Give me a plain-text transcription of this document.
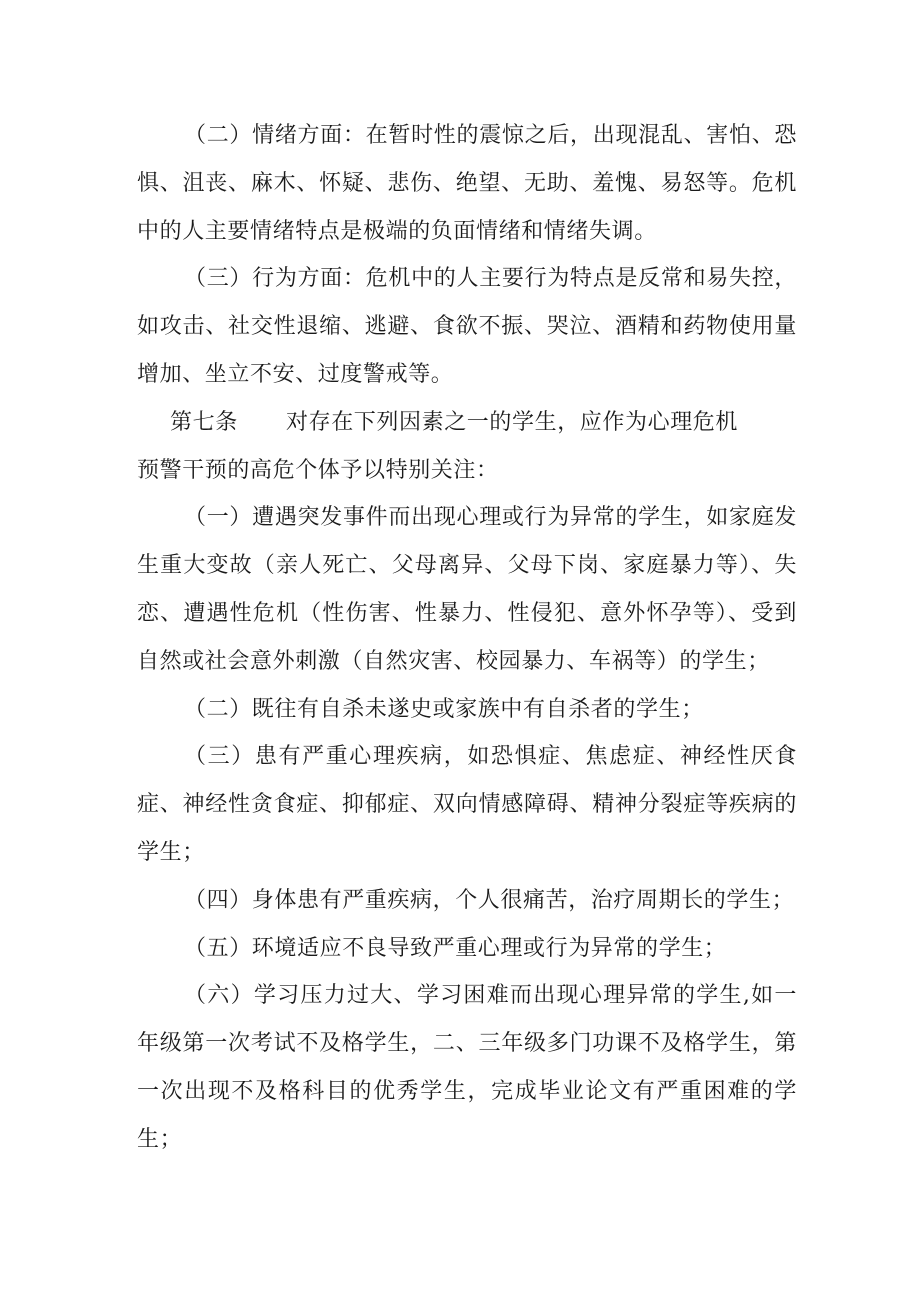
（二）情绪方面：在暂时性的震惊之后，出现混乱、害怕、恐惧、沮丧、麻木、怀疑、悲伤、绝望、无助、羞愧、易怒等。危机中的人主要情绪特点是极端的负面情绪和情绪失调。

（三）行为方面：危机中的人主要行为特点是反常和易失控，如攻击、社交性退缩、逃避、食欲不振、哭泣、酒精和药物使用量增加、坐立不安、过度警戒等。

第七条 对存在下列因素之一的学生，应作为心理危机

预警干预的高危个体予以特别关注：

（一）遭遇突发事件而出现心理或行为异常的学生，如家庭发生重大变故（亲人死亡、父母离异、父母下岗、家庭暴力等）、失恋、遭遇性危机（性伤害、性暴力、性侵犯、意外怀孕等）、受到自然或社会意外刺激（自然灾害、校园暴力、车祸等）的学生；

（二）既往有自杀未遂史或家族中有自杀者的学生；

（三）患有严重心理疾病，如恐惧症、焦虑症、神经性厌食症、神经性贪食症、抑郁症、双向情感障碍、精神分裂症等疾病的学生；

（四）身体患有严重疾病，个人很痛苦，治疗周期长的学生；

（五）环境适应不良导致严重心理或行为异常的学生；

（六）学习压力过大、学习困难而出现心理异常的学生,如一年级第一次考试不及格学生，二、三年级多门功课不及格学生，第一次出现不及格科目的优秀学生，完成毕业论文有严重困难的学生；
